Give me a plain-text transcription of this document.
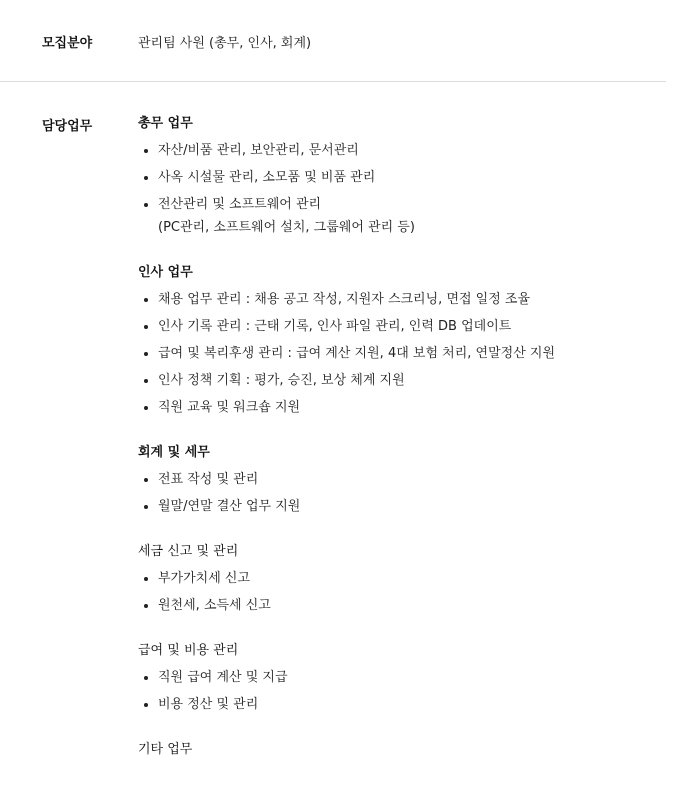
모집분야	관리팀 사원 (총무, 인사, 회계)
담당업무	총무 업무
자산/비품 관리, 보안관리, 문서관리
사옥 시설물 관리, 소모품 및 비품 관리
전산관리 및 소프트웨어 관리
(PC관리, 소프트웨어 설치, 그룹웨어 관리 등)
인사 업무
채용 업무 관리 : 채용 공고 작성, 지원자 스크리닝, 면접 일정 조율
인사 기록 관리 : 근태 기록, 인사 파일 관리, 인력 DB 업데이트
급여 및 복리후생 관리 : 급여 계산 지원, 4대 보험 처리, 연말정산 지원
인사 정책 기획 : 평가, 승진, 보상 체계 지원
직원 교육 및 워크숍 지원
회계 및 세무
전표 작성 및 관리
월말/연말 결산 업무 지원
세금 신고 및 관리
부가가치세 신고
원천세, 소득세 신고
급여 및 비용 관리
직원 급여 계산 및 지급
비용 정산 및 관리
기타 업무
